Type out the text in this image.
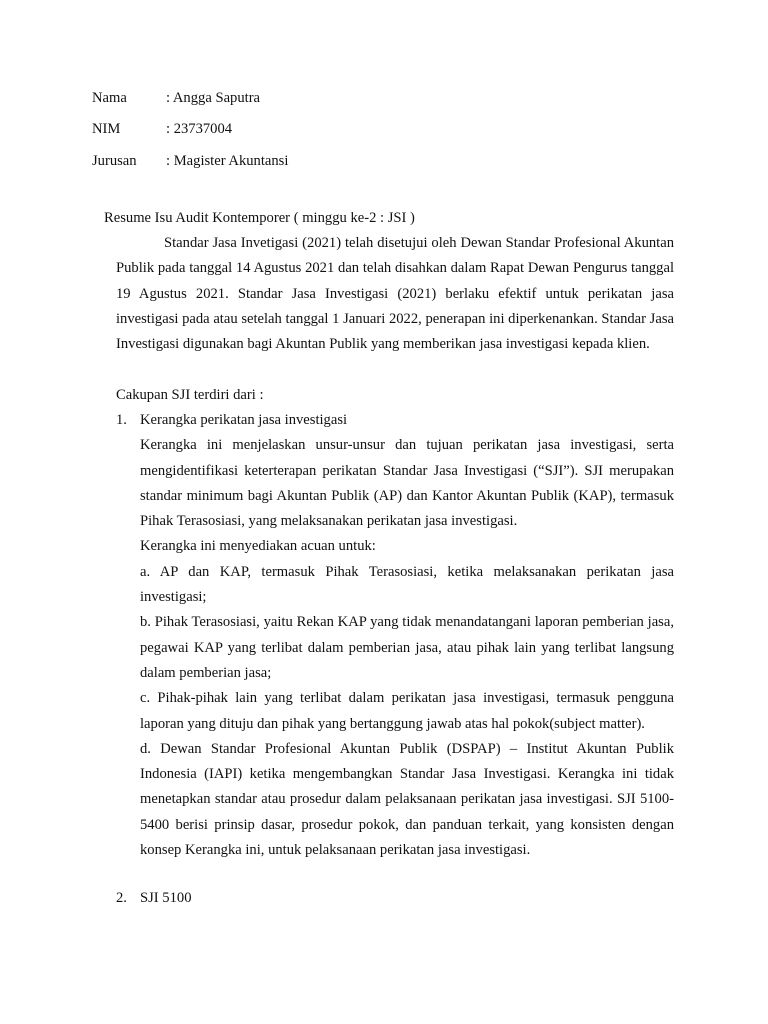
Nama	: Angga Saputra
NIM	: 23737004
Jurusan : Magister Akuntansi
Resume Isu Audit Kontemporer ( minggu ke-2 : JSI )

Standar Jasa Invetigasi (2021) telah disetujui oleh Dewan Standar Profesional Akuntan Publik pada tanggal 14 Agustus 2021 dan telah disahkan dalam Rapat Dewan Pengurus tanggal 19 Agustus 2021. Standar Jasa Investigasi (2021) berlaku efektif untuk perikatan jasa investigasi pada atau setelah tanggal 1 Januari 2022, penerapan ini diperkenankan. Standar Jasa Investigasi digunakan bagi Akuntan Publik yang memberikan jasa investigasi kepada klien.

Cakupan SJI terdiri dari :
1. Kerangka perikatan jasa investigasi

Kerangka ini menjelaskan unsur-unsur dan tujuan perikatan jasa investigasi, serta mengidentifikasi keterterapan perikatan Standar Jasa Investigasi (“SJI”). SJI merupakan standar minimum bagi Akuntan Publik (AP) dan Kantor Akuntan Publik (KAP), termasuk Pihak Terasosiasi, yang melaksanakan perikatan jasa investigasi.

Kerangka ini menyediakan acuan untuk:

a. AP dan KAP, termasuk Pihak Terasosiasi, ketika melaksanakan perikatan jasa investigasi;

b. Pihak Terasosiasi, yaitu Rekan KAP yang tidak menandatangani laporan pemberian jasa, pegawai KAP yang terlibat dalam pemberian jasa, atau pihak lain yang terlibat langsung dalam pemberian jasa;

c. Pihak-pihak lain yang terlibat dalam perikatan jasa investigasi, termasuk pengguna laporan yang dituju dan pihak yang bertanggung jawab atas hal pokok(subject matter).

d. Dewan Standar Profesional Akuntan Publik (DSPAP) – Institut Akuntan Publik Indonesia (IAPI) ketika mengembangkan Standar Jasa Investigasi. Kerangka ini tidak menetapkan standar atau prosedur dalam pelaksanaan perikatan jasa investigasi. SJI 5100-5400 berisi prinsip dasar, prosedur pokok, dan panduan terkait, yang konsisten dengan konsep Kerangka ini, untuk pelaksanaan perikatan jasa investigasi.

2. SJI 5100
